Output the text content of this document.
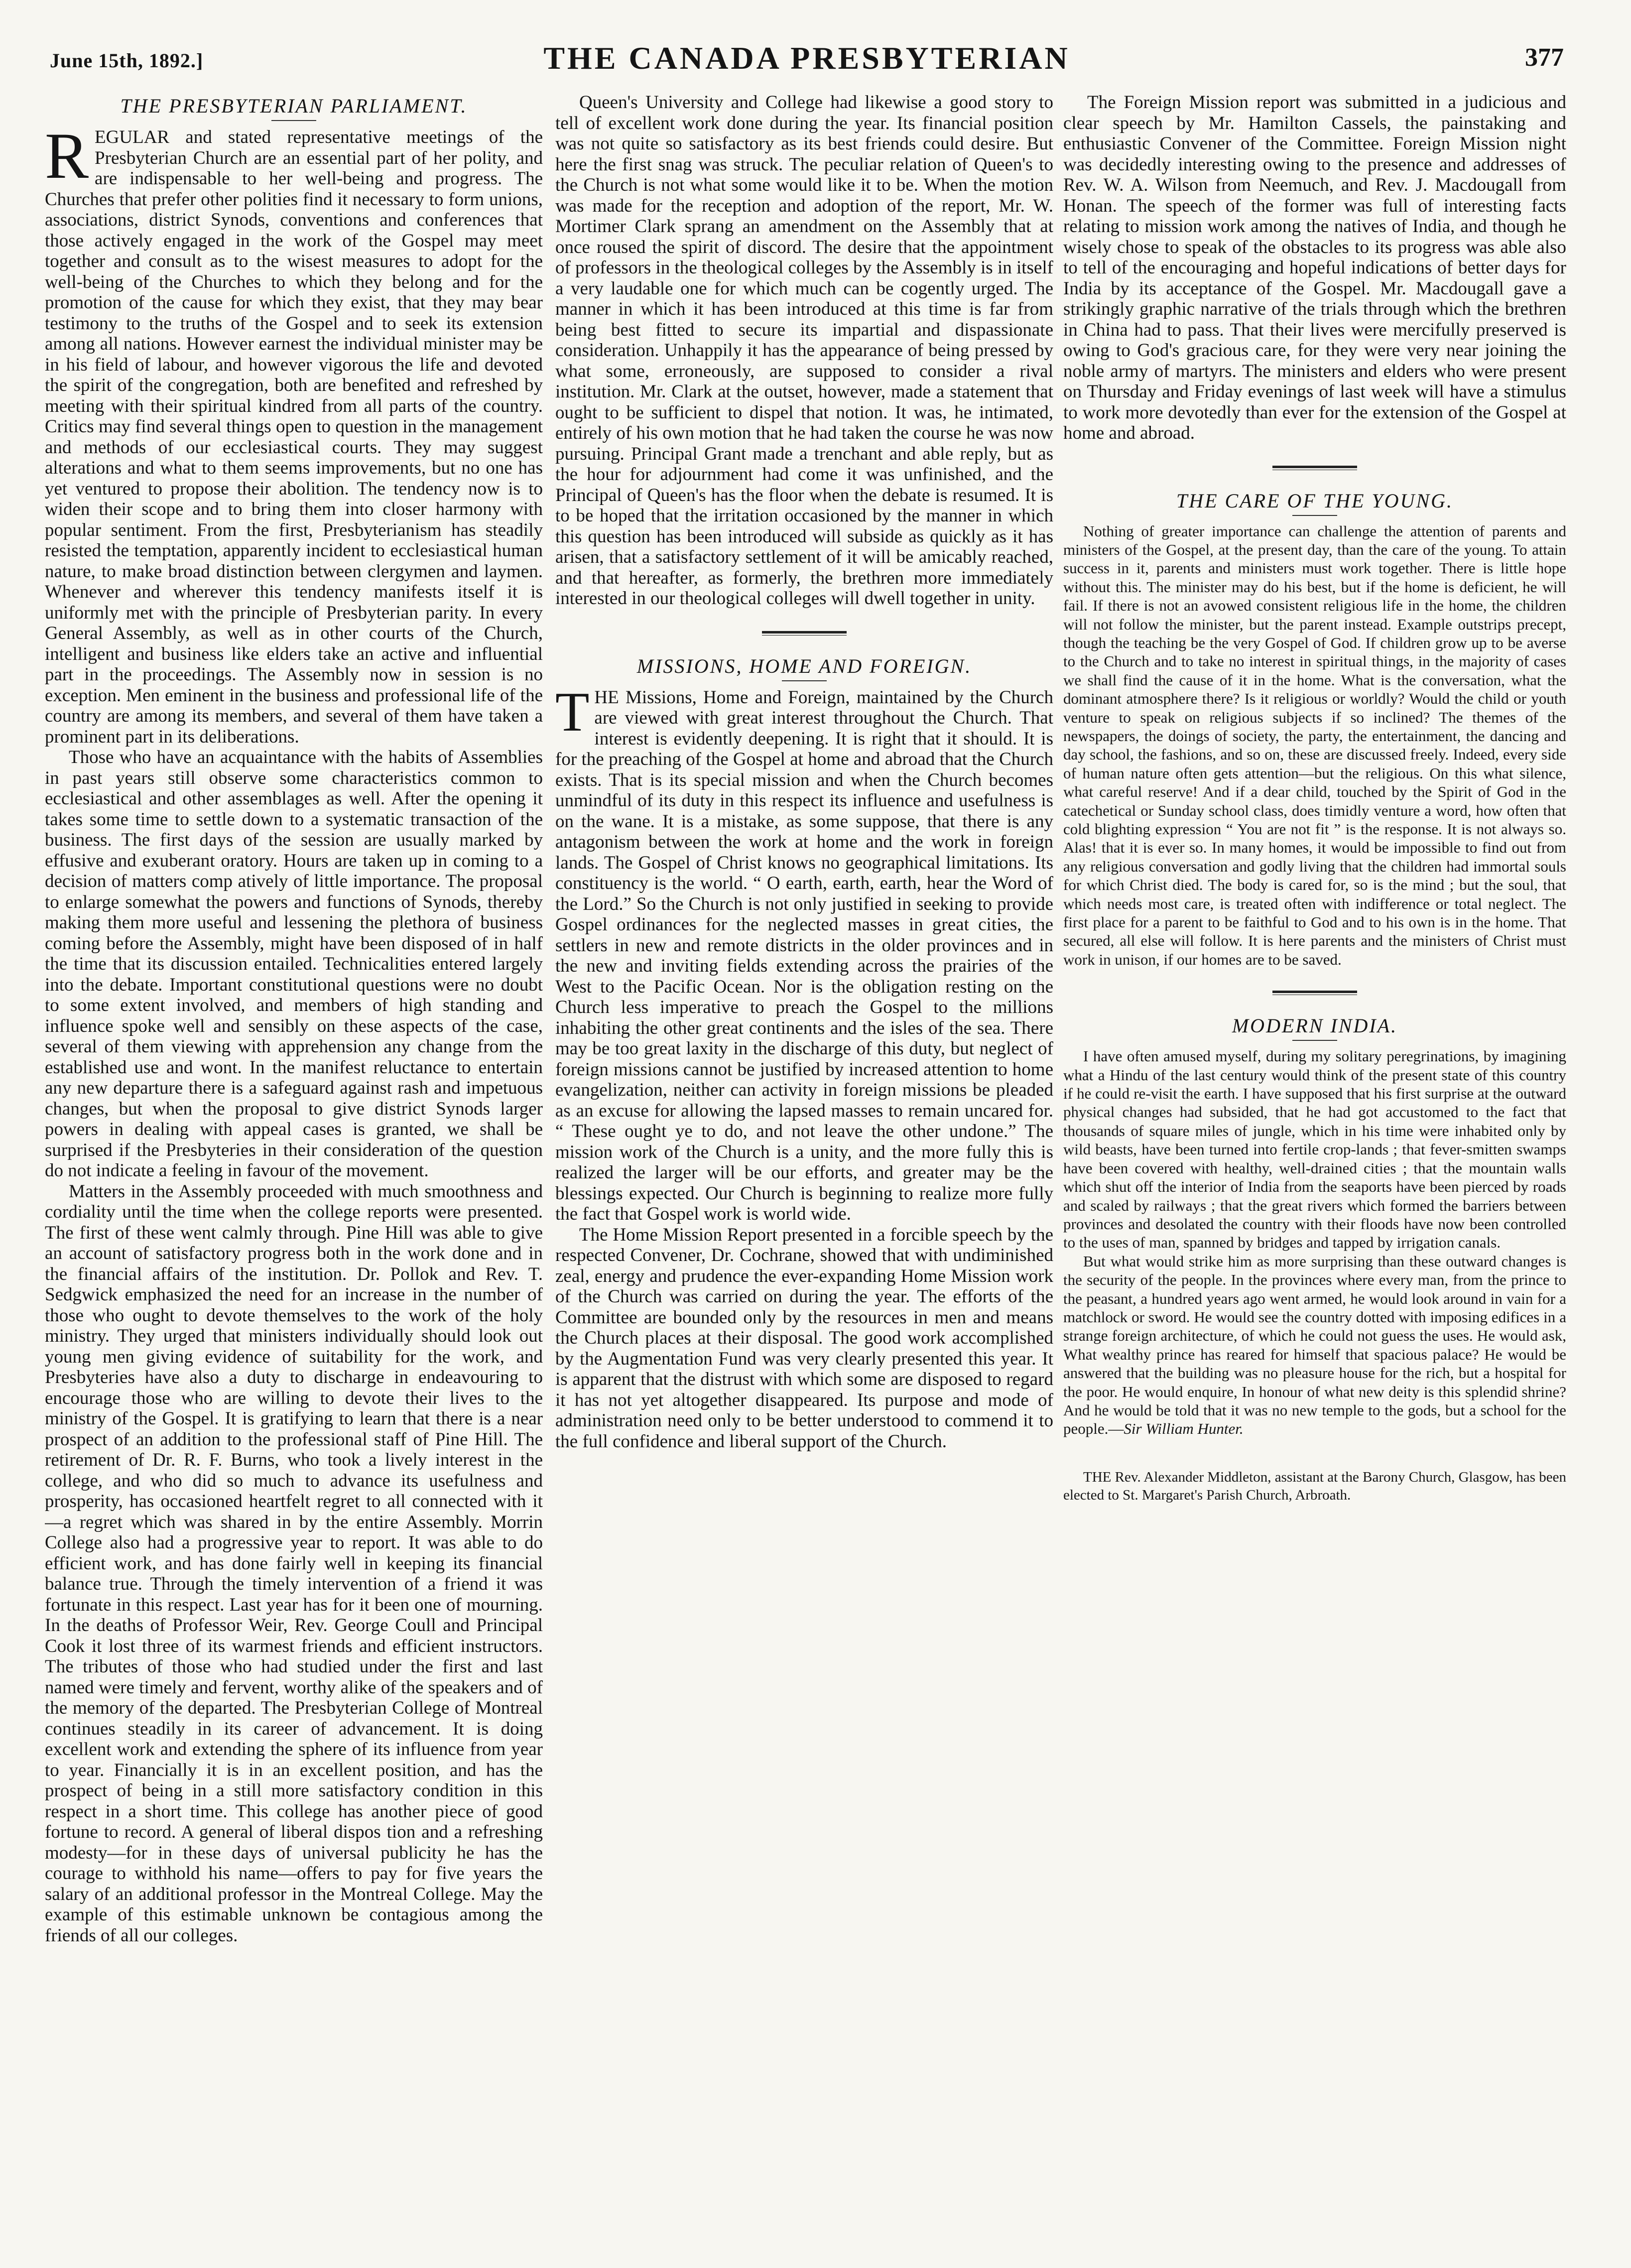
June 15th, 1892.]	THE CANADA PRESBYTERIAN	377
THE PRESBYTERIAN PARLIAMENT.

REGULAR and stated representative meetings of the Presbyterian Church are an essential part of her polity, and are indispensable to her well-being and progress. The Churches that prefer other polities find it necessary to form unions, associations, district Synods, conventions and conferences that those actively engaged in the work of the Gospel may meet together and consult as to the wisest measures to adopt for the well-being of the Churches to which they belong and for the promotion of the cause for which they exist, that they may bear testimony to the truths of the Gospel and to seek its extension among all nations. However earnest the individual minister may be in his field of labour, and however vigorous the life and devoted the spirit of the congregation, both are benefited and refreshed by meeting with their spiritual kindred from all parts of the country. Critics may find several things open to question in the management and methods of our ecclesiastical courts. They may suggest alterations and what to them seems improvements, but no one has yet ventured to propose their abolition. The tendency now is to widen their scope and to bring them into closer harmony with popular sentiment. From the first, Presbyterianism has steadily resisted the temptation, apparently incident to ecclesiastical human nature, to make broad distinction between clergymen and laymen. Whenever and wherever this tendency manifests itself it is uniformly met with the principle of Presbyterian parity. In every General Assembly, as well as in other courts of the Church, intelligent and business like elders take an active and influential part in the proceedings. The Assembly now in session is no exception. Men eminent in the business and professional life of the country are among its members, and several of them have taken a prominent part in its deliberations.

Those who have an acquaintance with the habits of Assemblies in past years still observe some characteristics common to ecclesiastical and other assemblages as well. After the opening it takes some time to settle down to a systematic transaction of the business. The first days of the session are usually marked by effusive and exuberant oratory. Hours are taken up in coming to a decision of matters comp atively of little importance. The proposal to enlarge somewhat the powers and functions of Synods, thereby making them more useful and lessening the plethora of business coming before the Assembly, might have been disposed of in half the time that its discussion entailed. Technicalities entered largely into the debate. Important constitutional questions were no doubt to some extent involved, and members of high standing and influence spoke well and sensibly on these aspects of the case, several of them viewing with apprehension any change from the established use and wont. In the manifest reluctance to entertain any new departure there is a safeguard against rash and impetuous changes, but when the proposal to give district Synods larger powers in dealing with appeal cases is granted, we shall be surprised if the Presbyteries in their consideration of the question do not indicate a feeling in favour of the movement.

Matters in the Assembly proceeded with much smoothness and cordiality until the time when the college reports were presented. The first of these went calmly through. Pine Hill was able to give an account of satisfactory progress both in the work done and in the financial affairs of the institution. Dr. Pollok and Rev. T. Sedgwick emphasized the need for an increase in the number of those who ought to devote themselves to the work of the holy ministry. They urged that ministers individually should look out young men giving evidence of suitability for the work, and Presbyteries have also a duty to discharge in endeavouring to encourage those who are willing to devote their lives to the ministry of the Gospel. It is gratifying to learn that there is a near prospect of an addition to the professional staff of Pine Hill. The retirement of Dr. R. F. Burns, who took a lively interest in the college, and who did so much to advance its usefulness and prosperity, has occasioned heartfelt regret to all connected with it—a regret which was shared in by the entire Assembly. Morrin College also had a progressive year to report. It was able to do efficient work, and has done fairly well in keeping its financial balance true. Through the timely intervention of a friend it was fortunate in this respect. Last year has for it been one of mourning. In the deaths of Professor Weir, Rev. George Coull and Principal Cook it lost three of its warmest friends and efficient instructors. The tributes of those who had studied under the first and last named were timely and fervent, worthy alike of the speakers and of the memory of the departed. The Presbyterian College of Montreal continues steadily in its career of advancement. It is doing excellent work and extending the sphere of its influence from year to year. Financially it is in an excellent position, and has the prospect of being in a still more satisfactory condition in this respect in a short time. This college has another piece of good fortune to record. A general of liberal dispos tion and a refreshing modesty—for in these days of universal publicity he has the courage to withhold his name—offers to pay for five years the salary of an additional professor in the Montreal College. May the example of this estimable unknown be contagious among the friends of all our colleges.

Queen's University and College had likewise a good story to tell of excellent work done during the year. Its financial position was not quite so satisfactory as its best friends could desire. But here the first snag was struck. The peculiar relation of Queen's to the Church is not what some would like it to be. When the motion was made for the reception and adoption of the report, Mr. W. Mortimer Clark sprang an amendment on the Assembly that at once roused the spirit of discord. The desire that the appointment of professors in the theological colleges by the Assembly is in itself a very laudable one for which much can be cogently urged. The manner in which it has been introduced at this time is far from being best fitted to secure its impartial and dispassionate consideration. Unhappily it has the appearance of being pressed by what some, erroneously, are supposed to consider a rival institution. Mr. Clark at the outset, however, made a statement that ought to be sufficient to dispel that notion. It was, he intimated, entirely of his own motion that he had taken the course he was now pursuing. Principal Grant made a trenchant and able reply, but as the hour for adjournment had come it was unfinished, and the Principal of Queen's has the floor when the debate is resumed. It is to be hoped that the irritation occasioned by the manner in which this question has been introduced will subside as quickly as it has arisen, that a satisfactory settlement of it will be amicably reached, and that hereafter, as formerly, the brethren more immediately interested in our theological colleges will dwell together in unity.

MISSIONS, HOME AND FOREIGN.

THE Missions, Home and Foreign, maintained by the Church are viewed with great interest throughout the Church. That interest is evidently deepening. It is right that it should. It is for the preaching of the Gospel at home and abroad that the Church exists. That is its special mission and when the Church becomes unmindful of its duty in this respect its influence and usefulness is on the wane. It is a mistake, as some suppose, that there is any antagonism between the work at home and the work in foreign lands. The Gospel of Christ knows no geographical limitations. Its constituency is the world. “ O earth, earth, earth, hear the Word of the Lord.” So the Church is not only justified in seeking to provide Gospel ordinances for the neglected masses in great cities, the settlers in new and remote districts in the older provinces and in the new and inviting fields extending across the prairies of the West to the Pacific Ocean. Nor is the obligation resting on the Church less imperative to preach the Gospel to the millions inhabiting the other great continents and the isles of the sea. There may be too great laxity in the discharge of this duty, but neglect of foreign missions cannot be justified by increased attention to home evangelization, neither can activity in foreign missions be pleaded as an excuse for allowing the lapsed masses to remain uncared for. “ These ought ye to do, and not leave the other undone.” The mission work of the Church is a unity, and the more fully this is realized the larger will be our efforts, and greater may be the blessings expected. Our Church is beginning to realize more fully the fact that Gospel work is world wide.

The Home Mission Report presented in a forcible speech by the respected Convener, Dr. Cochrane, showed that with undiminished zeal, energy and prudence the ever-expanding Home Mission work of the Church was carried on during the year. The efforts of the Committee are bounded only by the resources in men and means the Church places at their disposal. The good work accomplished by the Augmentation Fund was very clearly presented this year. It is apparent that the distrust with which some are disposed to regard it has not yet altogether disappeared. Its purpose and mode of administration need only to be better understood to commend it to the full confidence and liberal support of the Church.

The Foreign Mission report was submitted in a judicious and clear speech by Mr. Hamilton Cassels, the painstaking and enthusiastic Convener of the Committee. Foreign Mission night was decidedly interesting owing to the presence and addresses of Rev. W. A. Wilson from Neemuch, and Rev. J. Macdougall from Honan. The speech of the former was full of interesting facts relating to mission work among the natives of India, and though he wisely chose to speak of the obstacles to its progress was able also to tell of the encouraging and hopeful indications of better days for India by its acceptance of the Gospel. Mr. Macdougall gave a strikingly graphic narrative of the trials through which the brethren in China had to pass. That their lives were mercifully preserved is owing to God's gracious care, for they were very near joining the noble army of martyrs. The ministers and elders who were present on Thursday and Friday evenings of last week will have a stimulus to work more devotedly than ever for the extension of the Gospel at home and abroad.

THE CARE OF THE YOUNG.

Nothing of greater importance can challenge the attention of parents and ministers of the Gospel, at the present day, than the care of the young. To attain success in it, parents and ministers must work together. There is little hope without this. The minister may do his best, but if the home is deficient, he will fail. If there is not an avowed consistent religious life in the home, the children will not follow the minister, but the parent instead. Example outstrips precept, though the teaching be the very Gospel of God. If children grow up to be averse to the Church and to take no interest in spiritual things, in the majority of cases we shall find the cause of it in the home. What is the conversation, what the dominant atmosphere there? Is it religious or worldly? Would the child or youth venture to speak on religious subjects if so inclined? The themes of the newspapers, the doings of society, the party, the entertainment, the dancing and day school, the fashions, and so on, these are discussed freely. Indeed, every side of human nature often gets attention—but the religious. On this what silence, what careful reserve! And if a dear child, touched by the Spirit of God in the catechetical or Sunday school class, does timidly venture a word, how often that cold blighting expression “ You are not fit ” is the response. It is not always so. Alas! that it is ever so. In many homes, it would be impossible to find out from any religious conversation and godly living that the children had immortal souls for which Christ died. The body is cared for, so is the mind ; but the soul, that which needs most care, is treated often with indifference or total neglect. The first place for a parent to be faithful to God and to his own is in the home. That secured, all else will follow. It is here parents and the ministers of Christ must work in unison, if our homes are to be saved.

MODERN INDIA.

I have often amused myself, during my solitary peregrinations, by imagining what a Hindu of the last century would think of the present state of this country if he could re-visit the earth. I have supposed that his first surprise at the outward physical changes had subsided, that he had got accustomed to the fact that thousands of square miles of jungle, which in his time were inhabited only by wild beasts, have been turned into fertile crop-lands ; that fever-smitten swamps have been covered with healthy, well-drained cities ; that the mountain walls which shut off the interior of India from the seaports have been pierced by roads and scaled by railways ; that the great rivers which formed the barriers between provinces and desolated the country with their floods have now been controlled to the uses of man, spanned by bridges and tapped by irrigation canals.

But what would strike him as more surprising than these outward changes is the security of the people. In the provinces where every man, from the prince to the peasant, a hundred years ago went armed, he would look around in vain for a matchlock or sword. He would see the country dotted with imposing edifices in a strange foreign architecture, of which he could not guess the uses. He would ask, What wealthy prince has reared for himself that spacious palace? He would be answered that the building was no pleasure house for the rich, but a hospital for the poor. He would enquire, In honour of what new deity is this splendid shrine? And he would be told that it was no new temple to the gods, but a school for the people.—Sir William Hunter.

THE Rev. Alexander Middleton, assistant at the Barony Church, Glasgow, has been elected to St. Margaret's Parish Church, Arbroath.
